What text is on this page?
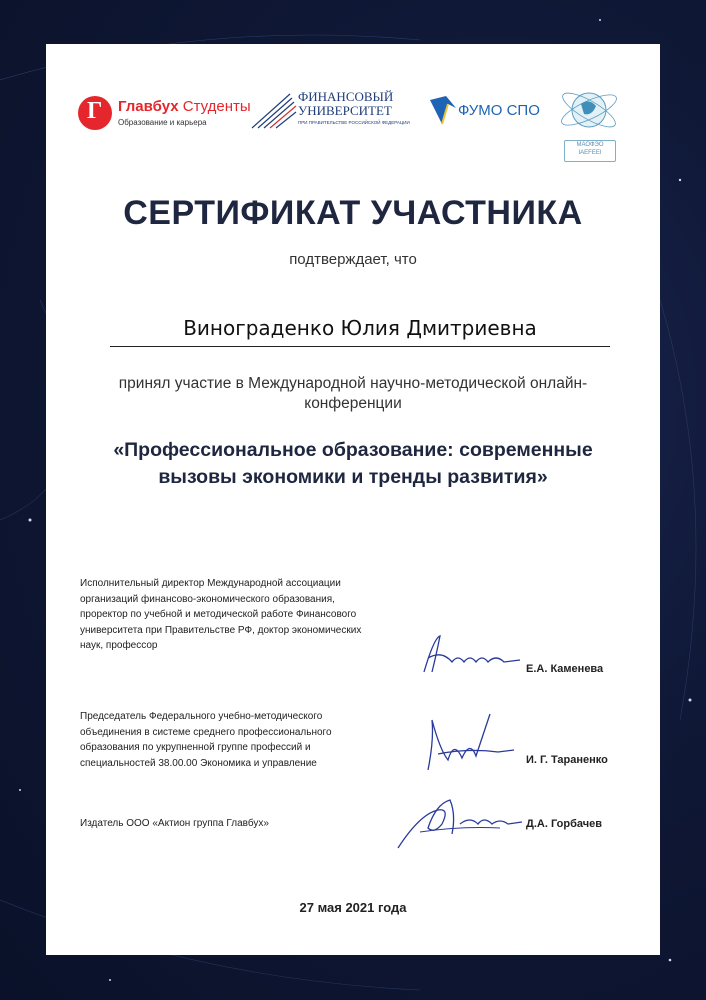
Г Главбух Студенты
Образование и карьера
ФИНАНСОВЫЙ
УНИВЕРСИТЕТ
ПРИ ПРАВИТЕЛЬСТВЕ РОССИЙСКОЙ ФЕДЕРАЦИИ
ФУМО СПО
МАОФЭО
IAEFEEI
СЕРТИФИКАТ УЧАСТНИКА

подтверждает, что

Винограденко Юлия Дмитриевна

принял участие в Международной научно-методической онлайн-конференции

«Профессиональное образование: современные вызовы экономики и тренды развития»

Исполнительный директор Международной ассоциации организаций финансово-экономического образования, проректор по учебной и методической работе Финансового университета при Правительстве РФ, доктор экономических наук, профессор

Е.А. Каменева

Председатель Федерального учебно-методического объединения в системе среднего профессионального образования по укрупненной группе профессий и специальностей 38.00.00 Экономика и управление	И. Г. Тараненко

Издатель ООО «Актион группа Главбух»	Д.А. Горбачев

27 мая 2021 года
